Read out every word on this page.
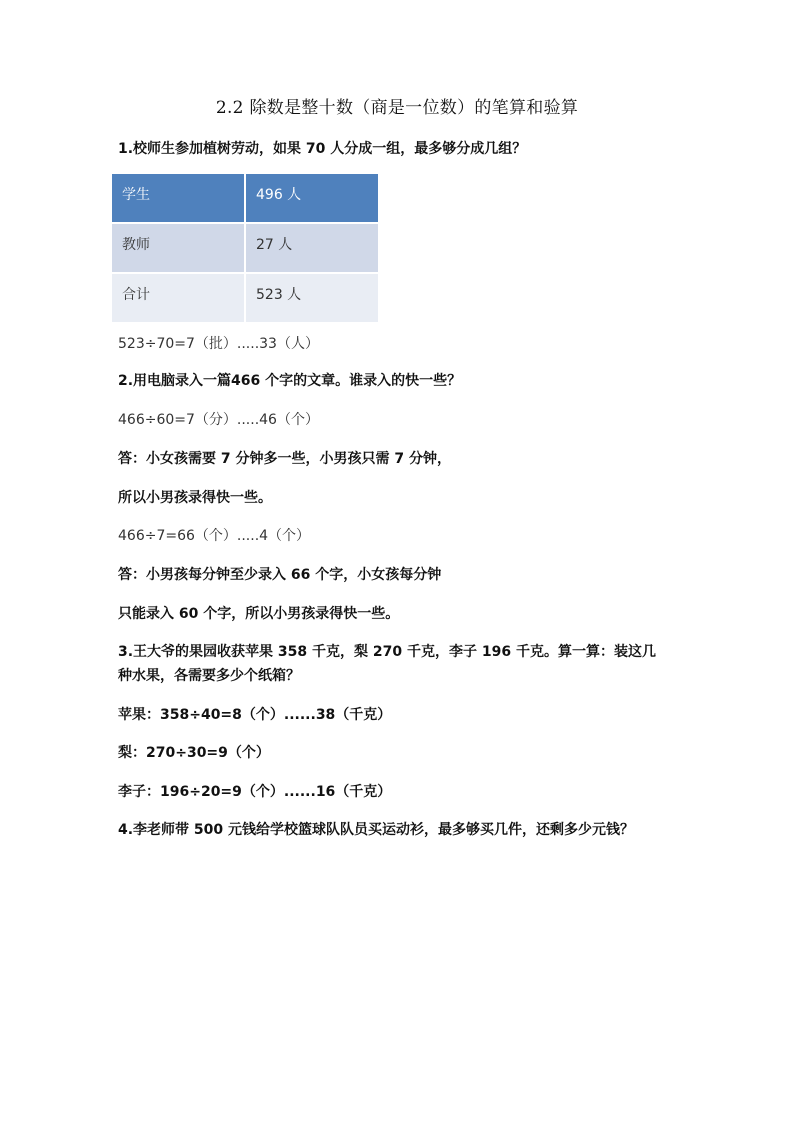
2.2 除数是整十数（商是一位数）的笔算和验算
1.校师生参加植树劳动，如果 70 人分成一组，最多够分成几组？
学生	496 人
教师	27 人
合计	523 人
523÷70=7（批）.....33（人）
2.用电脑录入一篇466 个字的文章。谁录入的快一些？
466÷60=7（分）.....46（个）
答：小女孩需要 7 分钟多一些，小男孩只需 7 分钟，
所以小男孩录得快一些。
466÷7=66（个）.....4（个）
答：小男孩每分钟至少录入 66 个字，小女孩每分钟
只能录入 60 个字，所以小男孩录得快一些。
3.王大爷的果园收获苹果 358 千克，梨 270 千克，李子 196 千克。算一算：装这几
种水果，各需要多少个纸箱？
苹果：358÷40=8（个）......38（千克）
梨：270÷30=9（个）
李子：196÷20=9（个）......16（千克）
4.李老师带 500 元钱给学校篮球队队员买运动衫，最多够买几件，还剩多少元钱？
